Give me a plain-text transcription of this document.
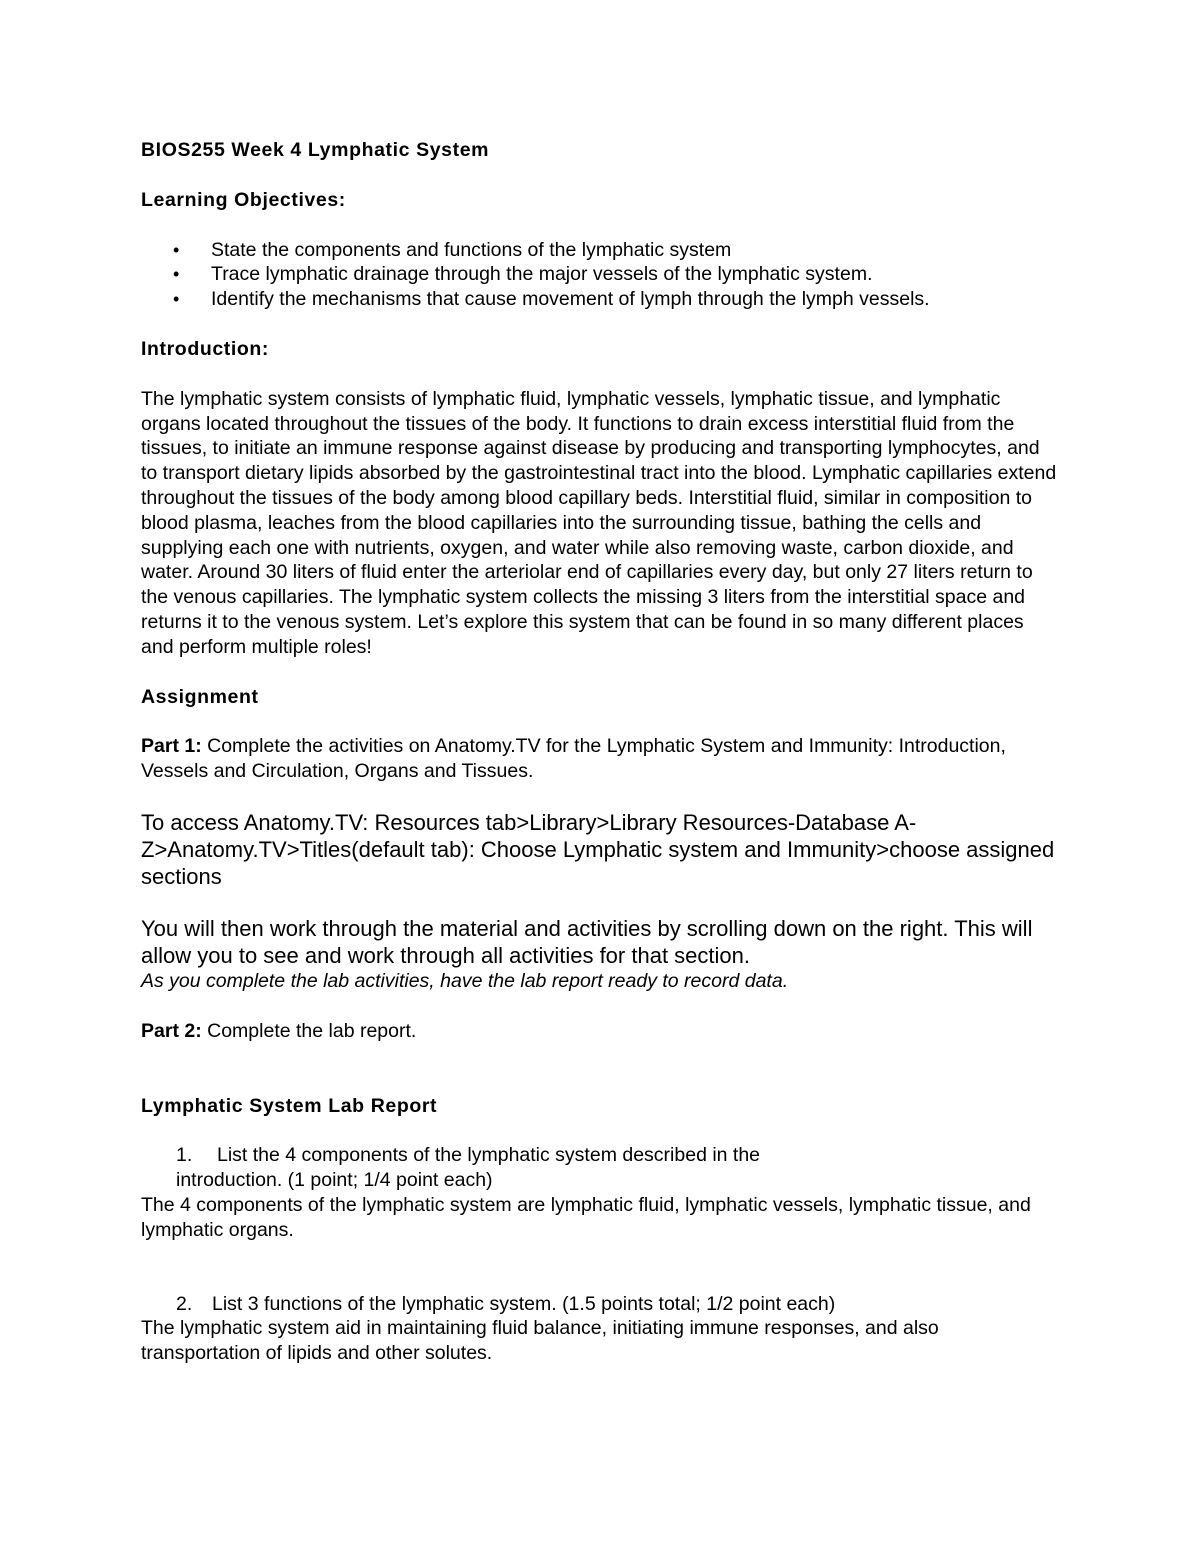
BIOS255 Week 4 Lymphatic System

Learning Objectives:

• State the components and functions of the lymphatic system
• Trace lymphatic drainage through the major vessels of the lymphatic system.
• Identify the mechanisms that cause movement of lymph through the lymph vessels.

Introduction:

The lymphatic system consists of lymphatic fluid, lymphatic vessels, lymphatic tissue, and lymphatic organs located throughout the tissues of the body. It functions to drain excess interstitial fluid from the tissues, to initiate an immune response against disease by producing and transporting lymphocytes, and to transport dietary lipids absorbed by the gastrointestinal tract into the blood. Lymphatic capillaries extend throughout the tissues of the body among blood capillary beds. Interstitial fluid, similar in composition to blood plasma, leaches from the blood capillaries into the surrounding tissue, bathing the cells and supplying each one with nutrients, oxygen, and water while also removing waste, carbon dioxide, and water. Around 30 liters of fluid enter the arteriolar end of capillaries every day, but only 27 liters return to the venous capillaries. The lymphatic system collects the missing 3 liters from the interstitial space and returns it to the venous system. Let’s explore this system that can be found in so many different places and perform multiple roles!

Assignment

Part 1: Complete the activities on Anatomy.TV for the Lymphatic System and Immunity: Introduction, Vessels and Circulation, Organs and Tissues.

To access Anatomy.TV: Resources tab>Library>Library Resources-Database A-Z>Anatomy.TV>Titles(default tab): Choose Lymphatic system and Immunity>choose assigned sections

You will then work through the material and activities by scrolling down on the right. This will allow you to see and work through all activities for that section.

As you complete the lab activities, have the lab report ready to record data.

Part 2: Complete the lab report.

Lymphatic System Lab Report

1. List the 4 components of the lymphatic system described in the

introduction. (1 point; 1/4 point each)

The 4 components of the lymphatic system are lymphatic fluid, lymphatic vessels, lymphatic tissue, and lymphatic organs.

2. List 3 functions of the lymphatic system. (1.5 points total; 1/2 point each)

The lymphatic system aid in maintaining fluid balance, initiating immune responses, and also transportation of lipids and other solutes.
